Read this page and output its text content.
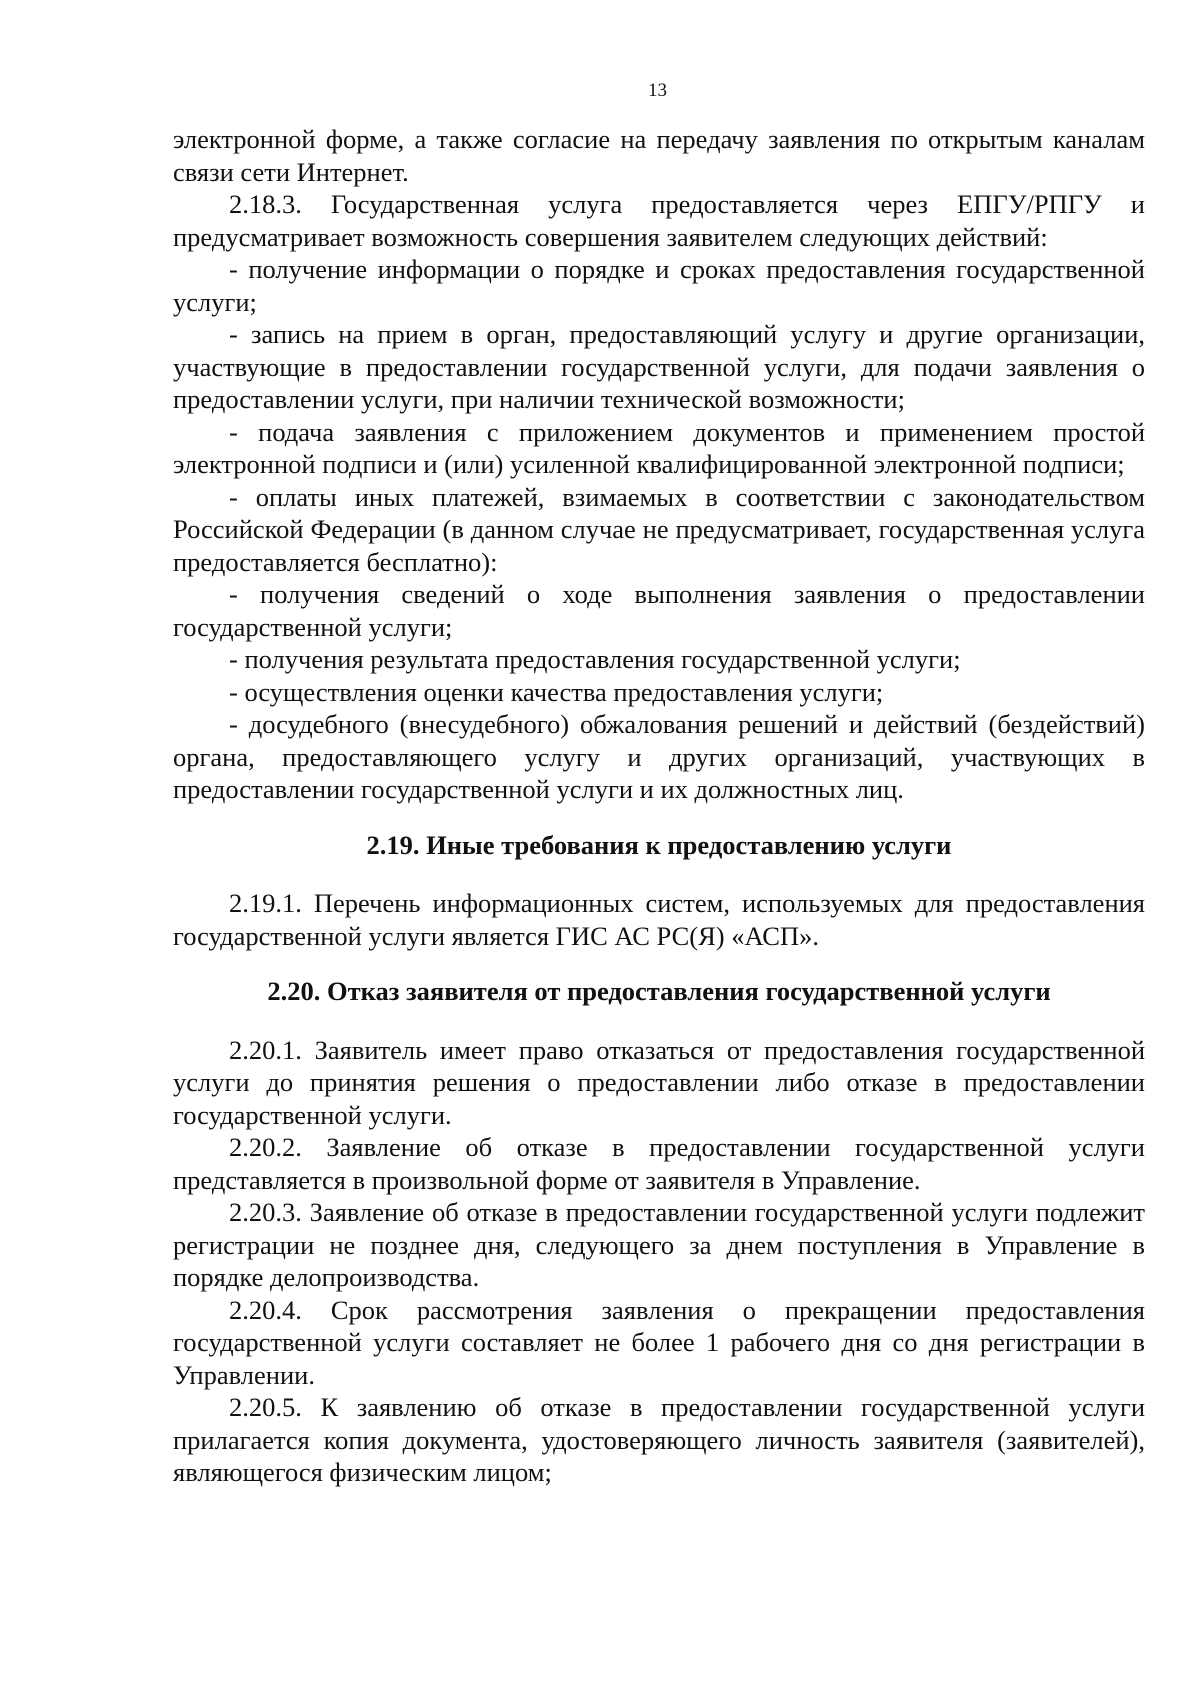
13

электронной форме, а также согласие на передачу заявления по открытым каналам связи сети Интернет.

2.18.3. Государственная услуга предоставляется через ЕПГУ/РПГУ и предусматривает возможность совершения заявителем следующих действий:

- получение информации о порядке и сроках предоставления государственной услуги;

- запись на прием в орган, предоставляющий услугу и другие организации, участвующие в предоставлении государственной услуги, для подачи заявления о предоставлении услуги, при наличии технической возможности;

- подача заявления с приложением документов и применением простой электронной подписи и (или) усиленной квалифицированной электронной подписи;

- оплаты иных платежей, взимаемых в соответствии с законодательством Российской Федерации (в данном случае не предусматривает, государственная услуга предоставляется бесплатно):

- получения сведений о ходе выполнения заявления о предоставлении государственной услуги;

- получения результата предоставления государственной услуги;

- осуществления оценки качества предоставления услуги;

- досудебного (внесудебного) обжалования решений и действий (бездействий) органа, предоставляющего услугу и других организаций, участвующих в предоставлении государственной услуги и их должностных лиц.

2.19. Иные требования к предоставлению услуги

2.19.1. Перечень информационных систем, используемых для предоставления государственной услуги является ГИС АС РС(Я) «АСП».

2.20. Отказ заявителя от предоставления государственной услуги

2.20.1. Заявитель имеет право отказаться от предоставления государственной услуги до принятия решения о предоставлении либо отказе в предоставлении государственной услуги.

2.20.2. Заявление об отказе в предоставлении государственной услуги представляется в произвольной форме от заявителя в Управление.

2.20.3. Заявление об отказе в предоставлении государственной услуги подлежит регистрации не позднее дня, следующего за днем поступления в Управление в порядке делопроизводства.

2.20.4. Срок рассмотрения заявления о прекращении предоставления государственной услуги составляет не более 1 рабочего дня со дня регистрации в Управлении.

2.20.5. К заявлению об отказе в предоставлении государственной услуги прилагается копия документа, удостоверяющего личность заявителя (заявителей), являющегося физическим лицом;
